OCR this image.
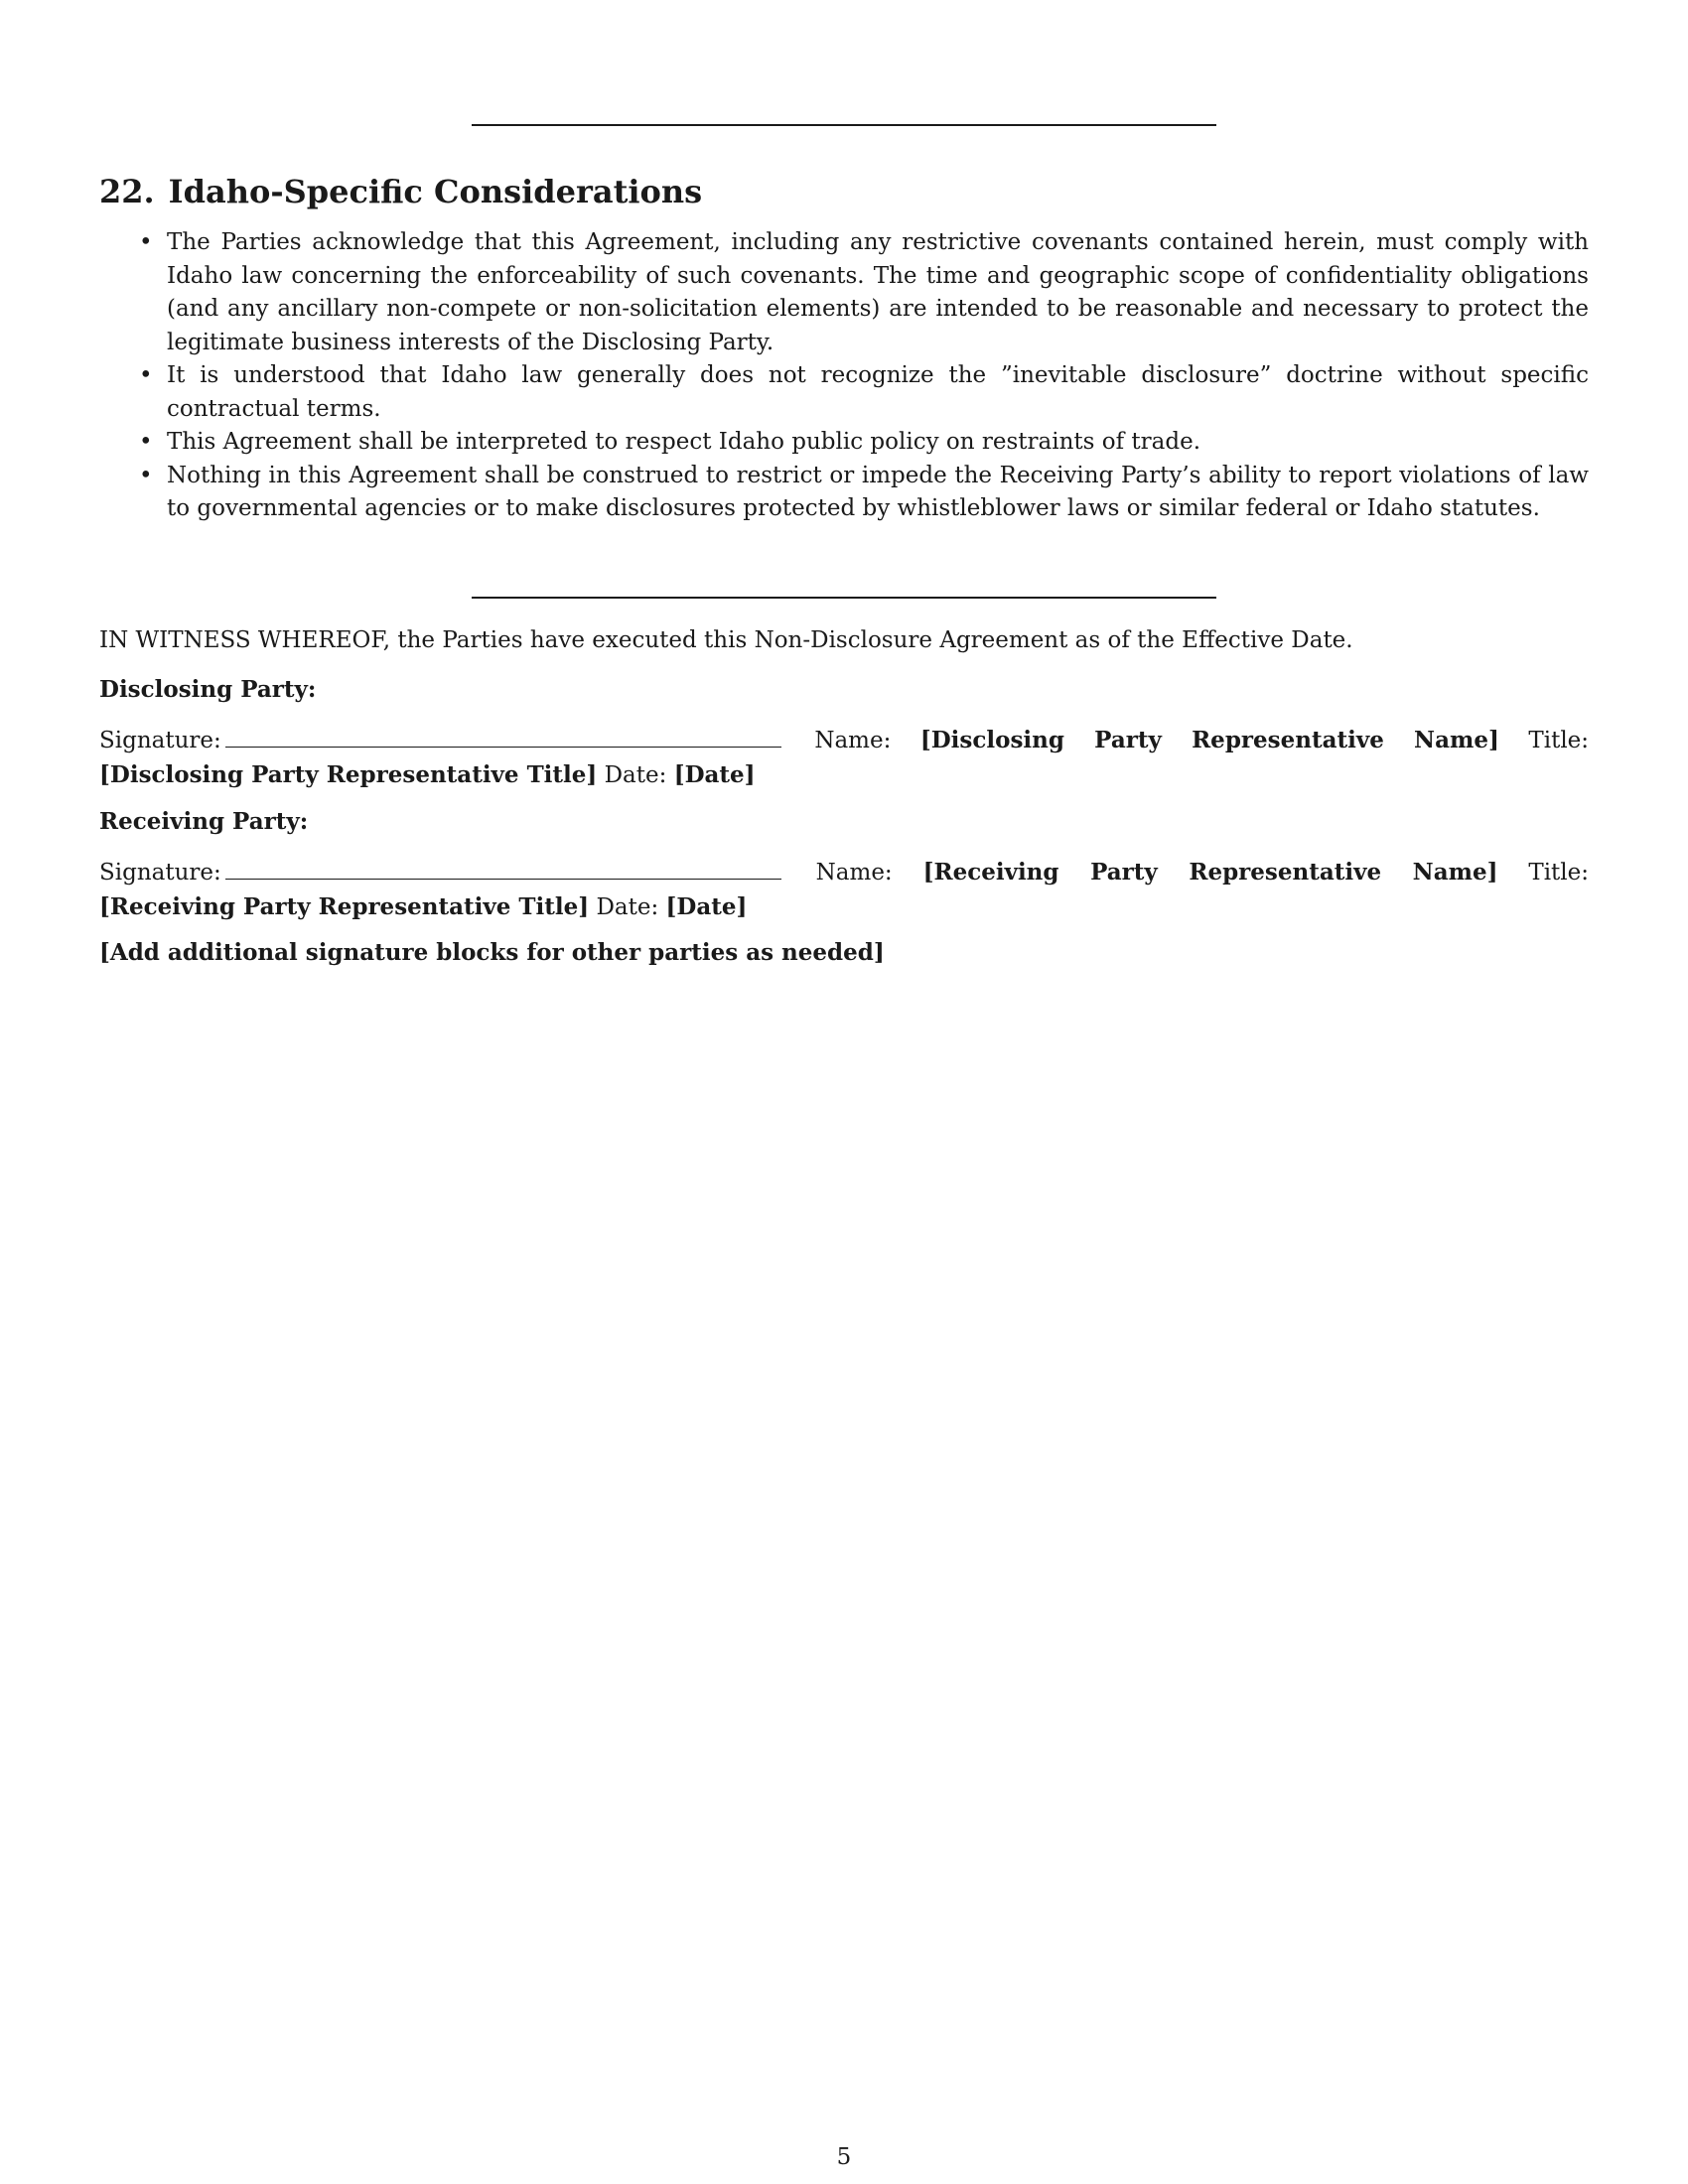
22. Idaho-Specific Considerations
• The Parties acknowledge that this Agreement, including any restrictive covenants contained herein, must comply with Idaho law concerning the enforceability of such covenants. The time and geographic scope of confidentiality obligations (and any ancillary non-compete or non-solicitation elements) are intended to be reasonable and necessary to protect the legitimate business interests of the Disclosing Party.
• It is understood that Idaho law generally does not recognize the ”inevitable disclosure” doctrine without specific contractual terms.
• This Agreement shall be interpreted to respect Idaho public policy on restraints of trade.
• Nothing in this Agreement shall be construed to restrict or impede the Receiving Party’s ability to report violations of law to governmental agencies or to make disclosures protected by whistleblower laws or similar federal or Idaho statutes.

IN WITNESS WHEREOF, the Parties have executed this Non-Disclosure Agreement as of the Effective Date.

Disclosing Party:

Signature:	Name: [Disclosing Party Representative Name] Title: [Disclosing Party Representative Title] Date: [Date]

Receiving Party:

Signature:	Name: [Receiving Party Representative Name] Title: [Receiving Party Representative Title] Date: [Date]

[Add additional signature blocks for other parties as needed]

5
